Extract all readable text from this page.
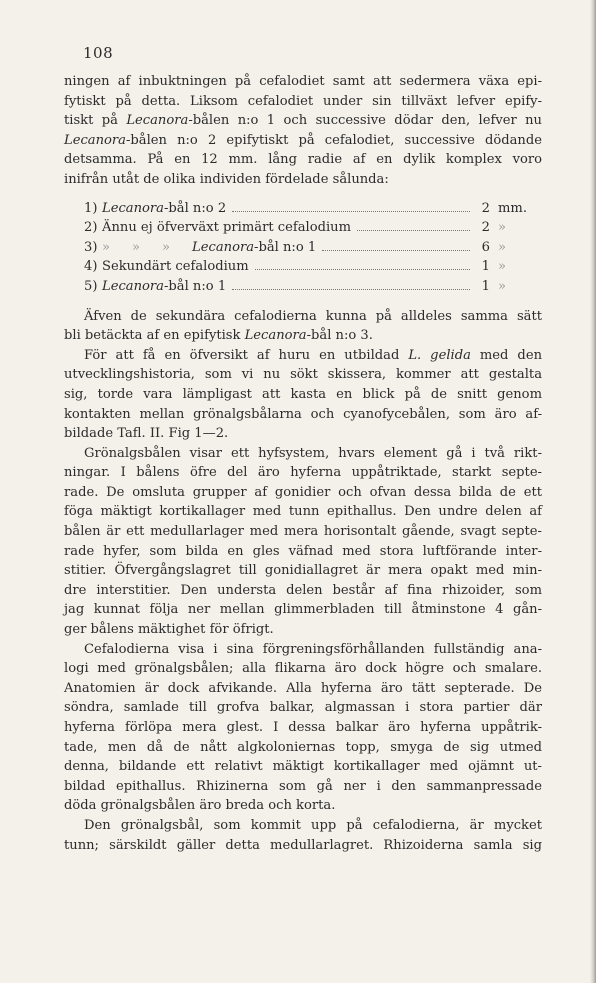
108

ningen af inbuktningen på cefalodiet samt att sedermera växa epi-
fytiskt på detta. Liksom cefalodiet under sin tillväxt lefver epify-
tiskt på Lecanora-bålen n:o 1 och successive dödar den, lefver nu
Lecanora-bålen n:o 2 epifytiskt på cefalodiet, successive dödande
detsamma. På en 12 mm. lång radie af en dylik komplex voro
inifrån utåt de olika individen fördelade sålunda:

1) Lecanora-bål n:o 2	2 mm.
2) Ännu ej öfverväxt primärt cefalodium	2 »
3) » » » Lecanora-bål n:o 1	6 »
4) Sekundärt cefalodium	1 »
5) Lecanora-bål n:o 1	1 »

Äfven de sekundära cefalodierna kunna på alldeles samma sätt
bli betäckta af en epifytisk Lecanora-bål n:o 3.

För att få en öfversikt af huru en utbildad L. gelida med den
utvecklingshistoria, som vi nu sökt skissera, kommer att gestalta
sig, torde vara lämpligast att kasta en blick på de snitt genom
kontakten mellan grönalgsbålarna och cyanofycebålen, som äro af-
bildade Tafl. II. Fig 1—2.

Grönalgsbålen visar ett hyfsystem, hvars element gå i två rikt-
ningar. I bålens öfre del äro hyferna uppåtriktade, starkt septe-
rade. De omsluta grupper af gonidier och ofvan dessa bilda de ett
föga mäktigt kortikallager med tunn epithallus. Den undre delen af
bålen är ett medullarlager med mera horisontalt gående, svagt septe-
rade hyfer, som bilda en gles väfnad med stora luftförande inter-
stitier. Öfvergångslagret till gonidiallagret är mera opakt med min-
dre interstitier. Den understa delen består af fina rhizoider, som
jag kunnat följa ner mellan glimmerbladen till åtminstone 4 gån-
ger bålens mäktighet för öfrigt.

Cefalodierna visa i sina förgreningsförhållanden fullständig ana-
logi med grönalgsbålen; alla flikarna äro dock högre och smalare.
Anatomien är dock afvikande. Alla hyferna äro tätt septerade. De
söndra, samlade till grofva balkar, algmassan i stora partier där
hyferna förlöpa mera glest. I dessa balkar äro hyferna uppåtrik-
tade, men då de nått algkoloniernas topp, smyga de sig utmed
denna, bildande ett relativt mäktigt kortikallager med ojämnt ut-
bildad epithallus. Rhizinerna som gå ner i den sammanpressade
döda grönalgsbålen äro breda och korta.

Den grönalgsbål, som kommit upp på cefalodierna, är mycket
tunn; särskildt gäller detta medullarlagret. Rhizoiderna samla sig
